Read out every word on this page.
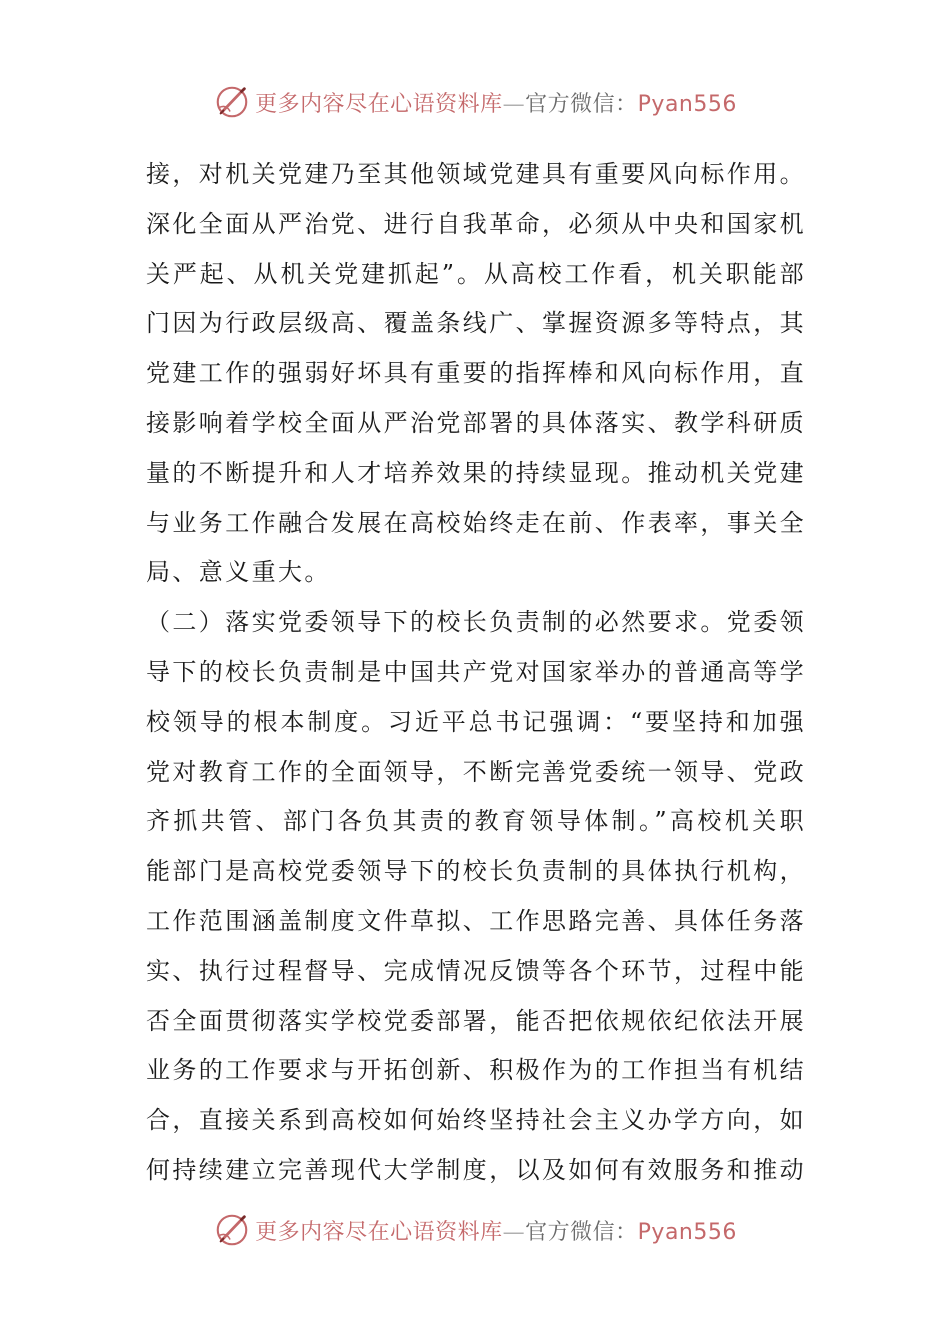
更多内容尽在心语资料库—官方微信：Pyan556
接，对机关党建乃至其他领域党建具有重要风向标作用。
深化全面从严治党、进行自我革命，必须从中央和国家机
关严起、从机关党建抓起”。从高校工作看，机关职能部
门因为行政层级高、覆盖条线广、掌握资源多等特点，其
党建工作的强弱好坏具有重要的指挥棒和风向标作用，直
接影响着学校全面从严治党部署的具体落实、教学科研质
量的不断提升和人才培养效果的持续显现。推动机关党建
与业务工作融合发展在高校始终走在前、作表率，事关全
局、意义重大。
（二）落实党委领导下的校长负责制的必然要求。党委领
导下的校长负责制是中国共产党对国家举办的普通高等学
校领导的根本制度。习近平总书记强调：“要坚持和加强
党对教育工作的全面领导，不断完善党委统一领导、党政
齐抓共管、部门各负其责的教育领导体制。”高校机关职
能部门是高校党委领导下的校长负责制的具体执行机构，
工作范围涵盖制度文件草拟、工作思路完善、具体任务落
实、执行过程督导、完成情况反馈等各个环节，过程中能
否全面贯彻落实学校党委部署，能否把依规依纪依法开展
业务的工作要求与开拓创新、积极作为的工作担当有机结
合，直接关系到高校如何始终坚持社会主义办学方向，如
何持续建立完善现代大学制度，以及如何有效服务和推动
更多内容尽在心语资料库—官方微信：Pyan556
